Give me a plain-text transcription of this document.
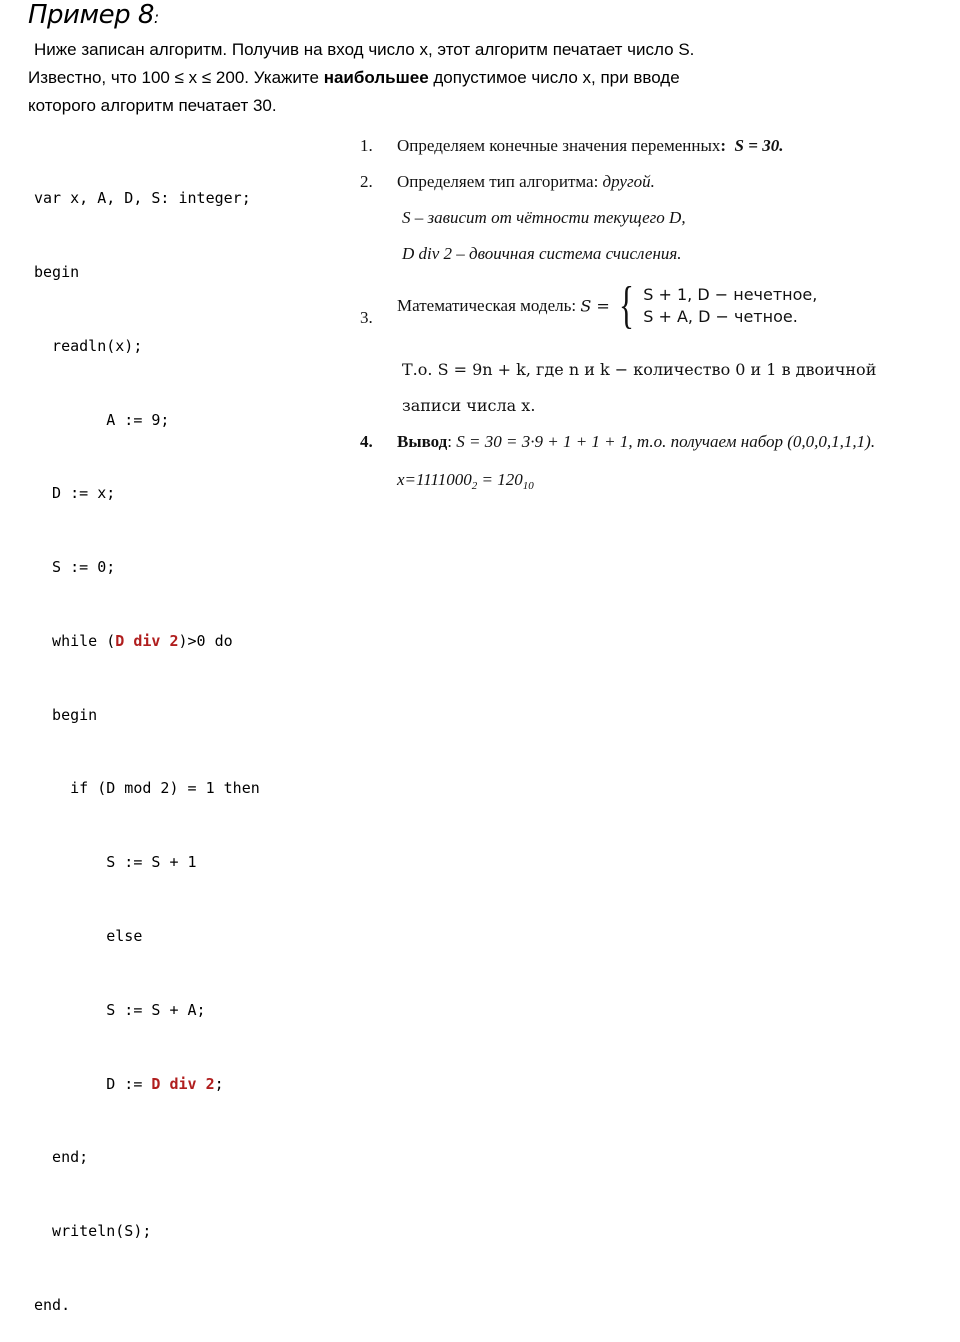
Пример 8:

Ниже записан алгоритм. Получив на вход число x, этот алгоритм печатает число S.

Известно, что 100 ≤ x ≤ 200. Укажите наибольшее допустимое число x, при вводе

которого алгоритм печатает 30.

var x, A, D, S: integer;

begin

readln(x);

A := 9;

D := x;

S := 0;

while (D div 2)>0 do

begin

if (D mod 2) = 1 then

S := S + 1

else

S := S + A;

D := D div 2;

end;

writeln(S);

end.

1.	Определяем конечные значения переменных: S = 30.
2.	Определяем тип алгоритма: другой.
S – зависит от чётности текущего D,
D div 2 – двоичная система счисления.
3.
Математическая модель: S = { S + 1, D − нечетное,
S + A, D − четное.
Т.о. S = 9n + k, где n и k − количество 0 и 1 в двоичной
записи числа x.
4.	Вывод: S = 30 = 3·9 + 1 + 1 + 1, т.о. получаем набор (0,0,0,1,1,1).
$x=1111000_2 = 120_{10}$
